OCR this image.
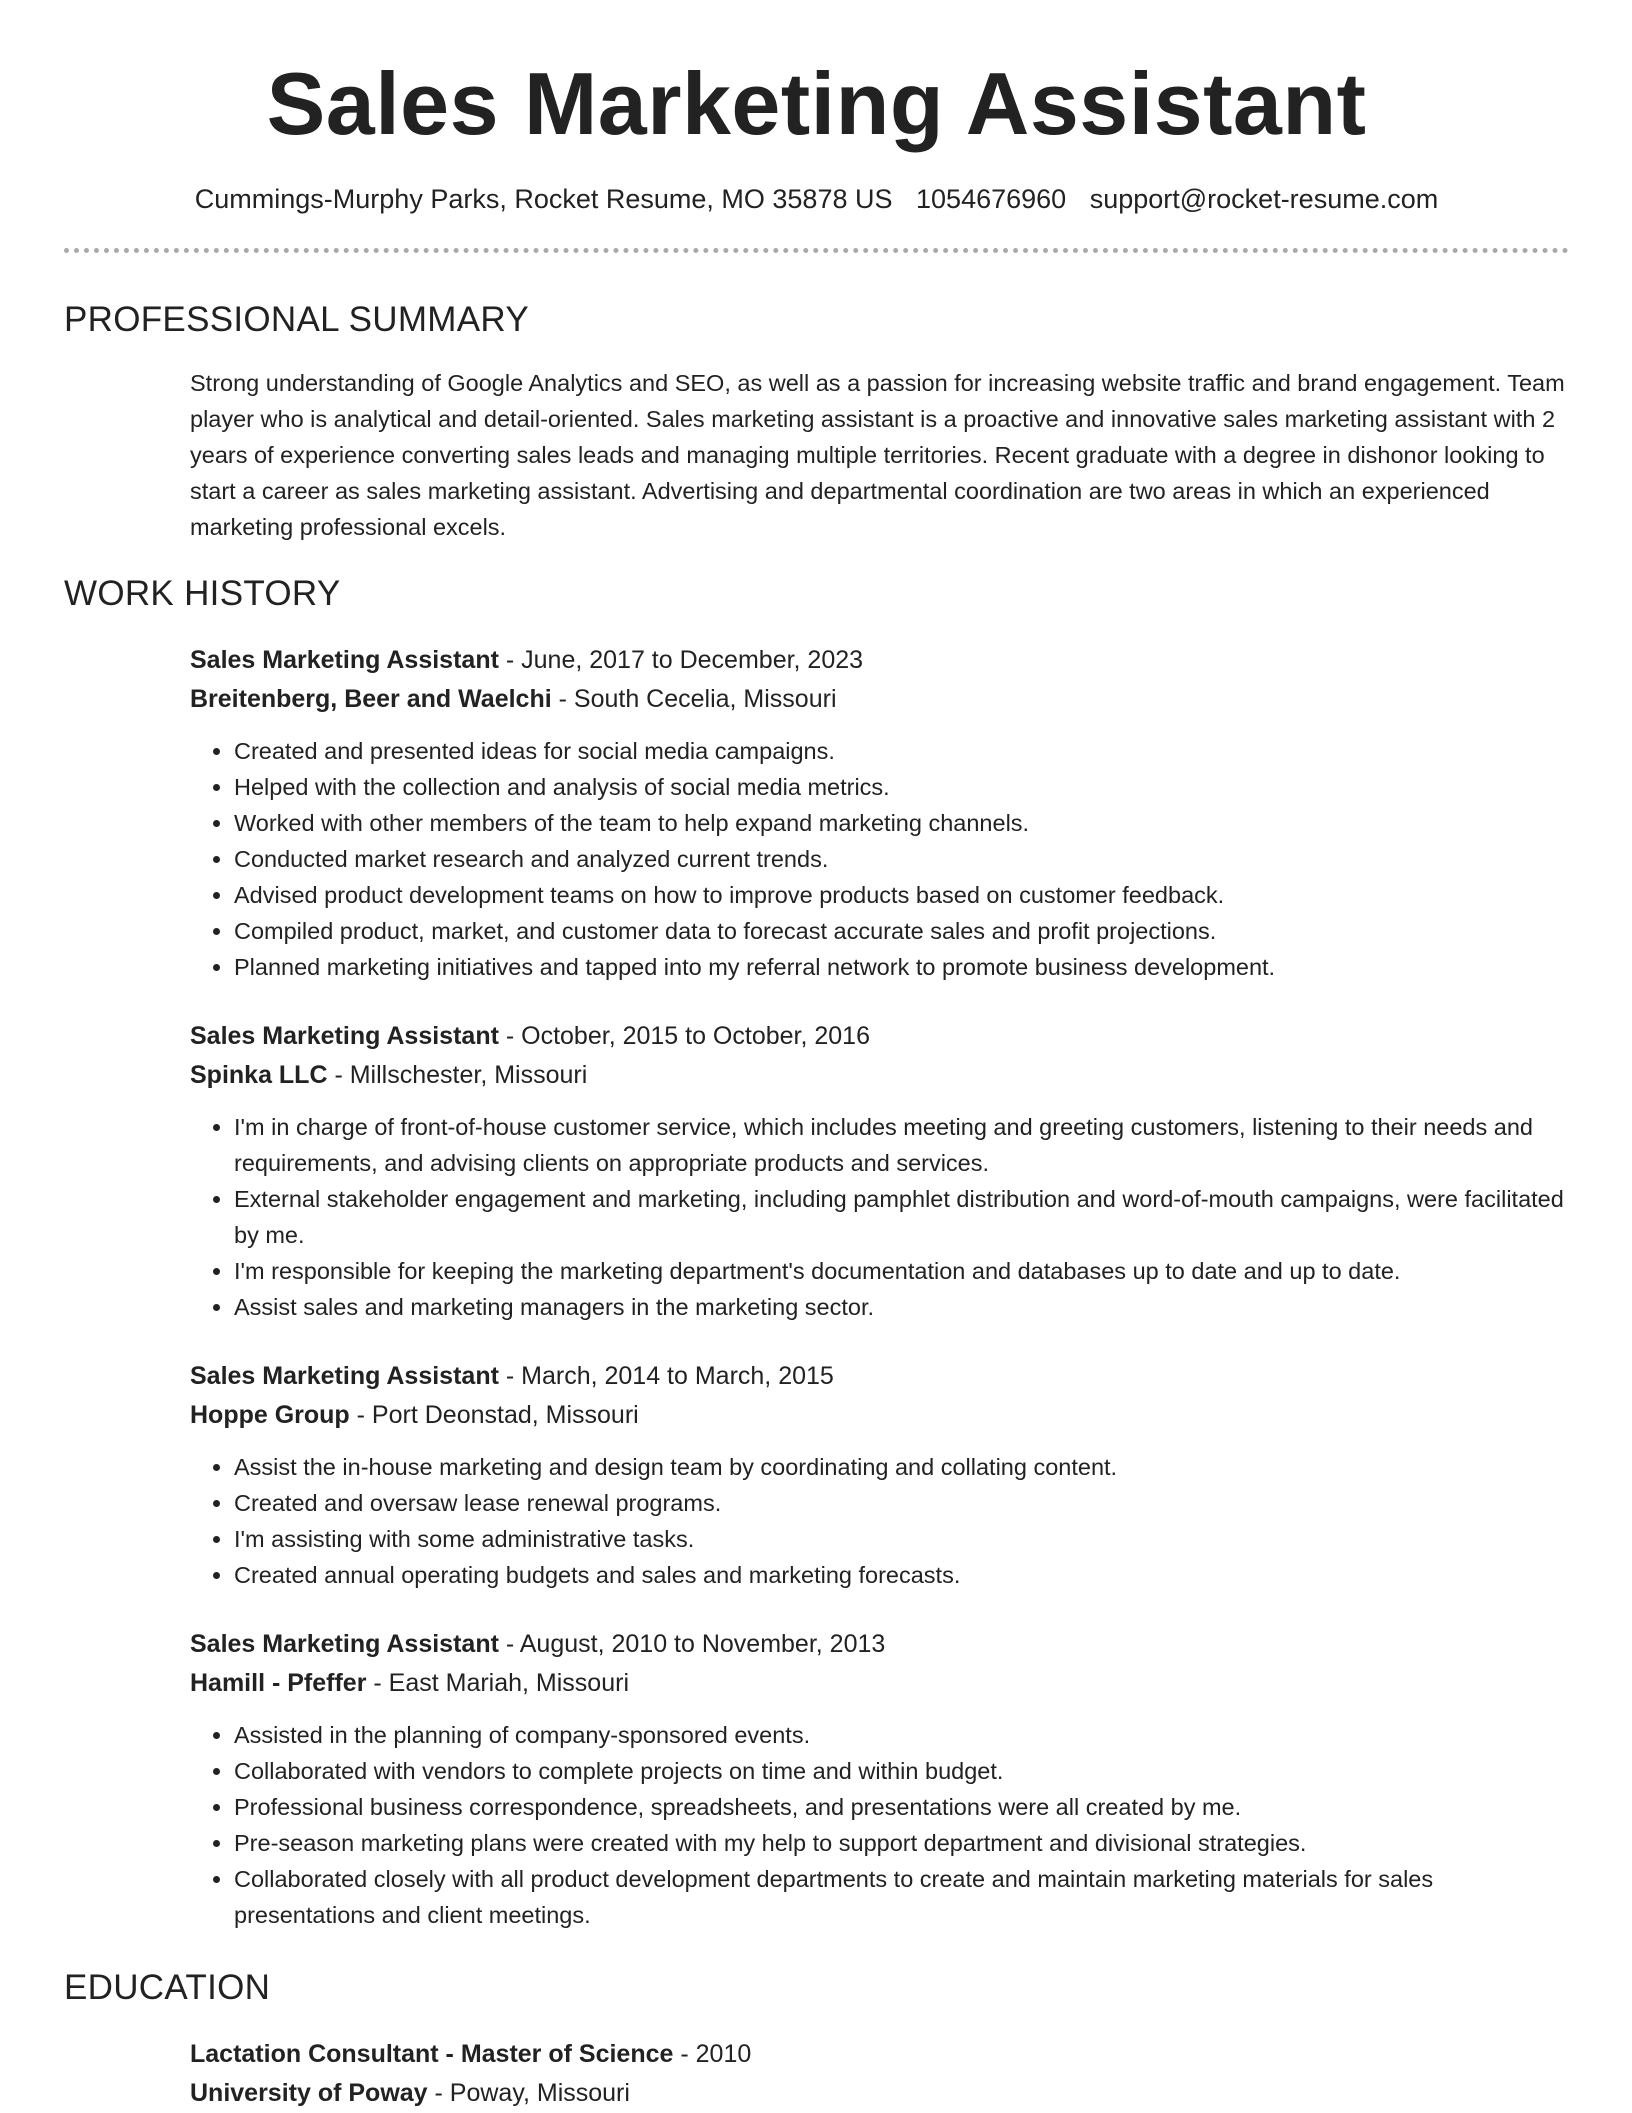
Sales Marketing Assistant
Cummings-Murphy Parks, Rocket Resume, MO 35878 US 1054676960 support@rocket-resume.com
PROFESSIONAL SUMMARY
Strong understanding of Google Analytics and SEO, as well as a passion for increasing website traffic and brand engagement. Team player who is analytical and detail-oriented. Sales marketing assistant is a proactive and innovative sales marketing assistant with 2 years of experience converting sales leads and managing multiple territories. Recent graduate with a degree in dishonor looking to start a career as sales marketing assistant. Advertising and departmental coordination are two areas in which an experienced marketing professional excels.
WORK HISTORY
Sales Marketing Assistant - June, 2017 to December, 2023
Breitenberg, Beer and Waelchi - South Cecelia, Missouri
• Created and presented ideas for social media campaigns.
• Helped with the collection and analysis of social media metrics.
• Worked with other members of the team to help expand marketing channels.
• Conducted market research and analyzed current trends.
• Advised product development teams on how to improve products based on customer feedback.
• Compiled product, market, and customer data to forecast accurate sales and profit projections.
• Planned marketing initiatives and tapped into my referral network to promote business development.
Sales Marketing Assistant - October, 2015 to October, 2016
Spinka LLC - Millschester, Missouri
• I'm in charge of front-of-house customer service, which includes meeting and greeting customers, listening to their needs and requirements, and advising clients on appropriate products and services.
• External stakeholder engagement and marketing, including pamphlet distribution and word-of-mouth campaigns, were facilitated by me.
• I'm responsible for keeping the marketing department's documentation and databases up to date and up to date.
• Assist sales and marketing managers in the marketing sector.
Sales Marketing Assistant - March, 2014 to March, 2015
Hoppe Group - Port Deonstad, Missouri
• Assist the in-house marketing and design team by coordinating and collating content.
• Created and oversaw lease renewal programs.
• I'm assisting with some administrative tasks.
• Created annual operating budgets and sales and marketing forecasts.
Sales Marketing Assistant - August, 2010 to November, 2013
Hamill - Pfeffer - East Mariah, Missouri
• Assisted in the planning of company-sponsored events.
• Collaborated with vendors to complete projects on time and within budget.
• Professional business correspondence, spreadsheets, and presentations were all created by me.
• Pre-season marketing plans were created with my help to support department and divisional strategies.
• Collaborated closely with all product development departments to create and maintain marketing materials for sales presentations and client meetings.
EDUCATION
Lactation Consultant - Master of Science - 2010
University of Poway - Poway, Missouri
